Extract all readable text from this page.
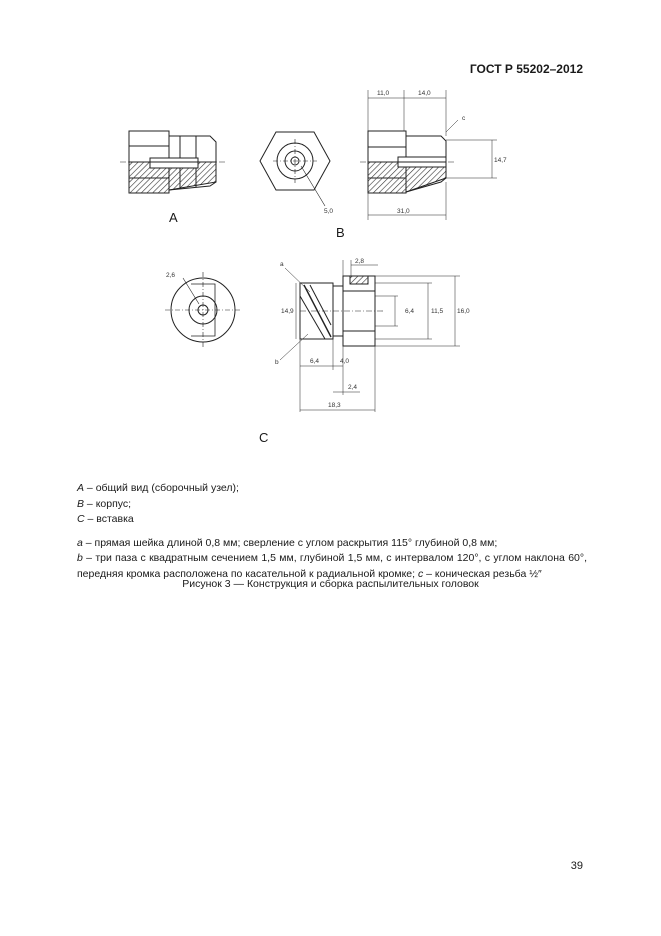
ГОСТ Р 55202–2012
11,0	14,0
c
14,7
31,0
5,0
2,6
a
b
2,8
14,9	6,4	11,5 16,0
6,4	4,0
2,4
18,3
A
B
C

A – общий вид (сборочный узел);

B – корпус;

C – вставка

a – прямая шейка длиной 0,8 мм; сверление с углом раскрытия 115° глубиной 0,8 мм;

b – три паза с квадратным сечением 1,5 мм, глубиной 1,5 мм, с интервалом 120°, с углом наклона 60°, передняя кромка расположена по касательной к радиальной кромке; c – коническая резьба ½″

Рисунок 3 — Конструкция и сборка распылительных головок
39
